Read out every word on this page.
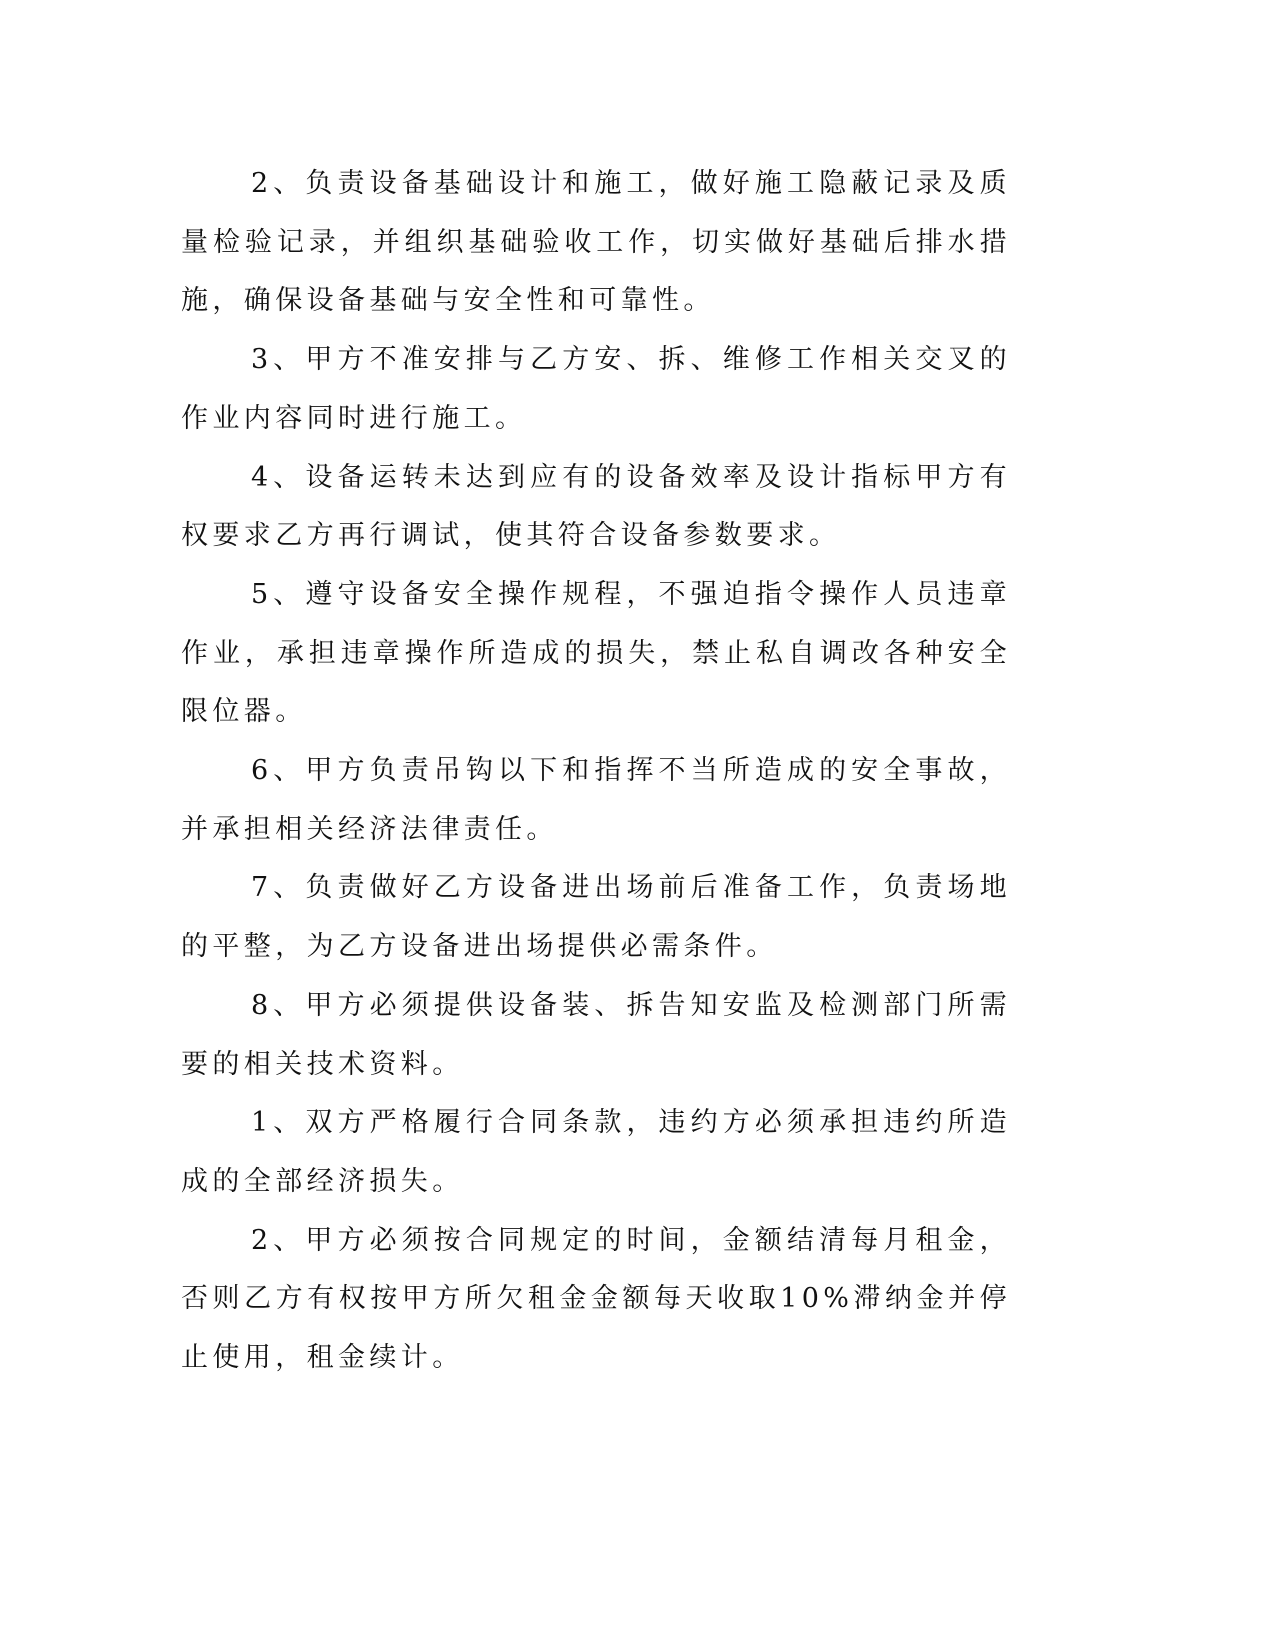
2、负责设备基础设计和施工，做好施工隐蔽记录及质量检验记录，并组织基础验收工作，切实做好基础后排水措施，确保设备基础与安全性和可靠性。

3、甲方不准安排与乙方安、拆、维修工作相关交叉的作业内容同时进行施工。

4、设备运转未达到应有的设备效率及设计指标甲方有权要求乙方再行调试，使其符合设备参数要求。

5、遵守设备安全操作规程，不强迫指令操作人员违章作业，承担违章操作所造成的损失，禁止私自调改各种安全限位器。

6、甲方负责吊钩以下和指挥不当所造成的安全事故，并承担相关经济法律责任。

7、负责做好乙方设备进出场前后准备工作，负责场地的平整，为乙方设备进出场提供必需条件。

8、甲方必须提供设备装、拆告知安监及检测部门所需要的相关技术资料。

1、双方严格履行合同条款，违约方必须承担违约所造成的全部经济损失。

2、甲方必须按合同规定的时间，金额结清每月租金，否则乙方有权按甲方所欠租金金额每天收取10%滞纳金并停止使用，租金续计。
